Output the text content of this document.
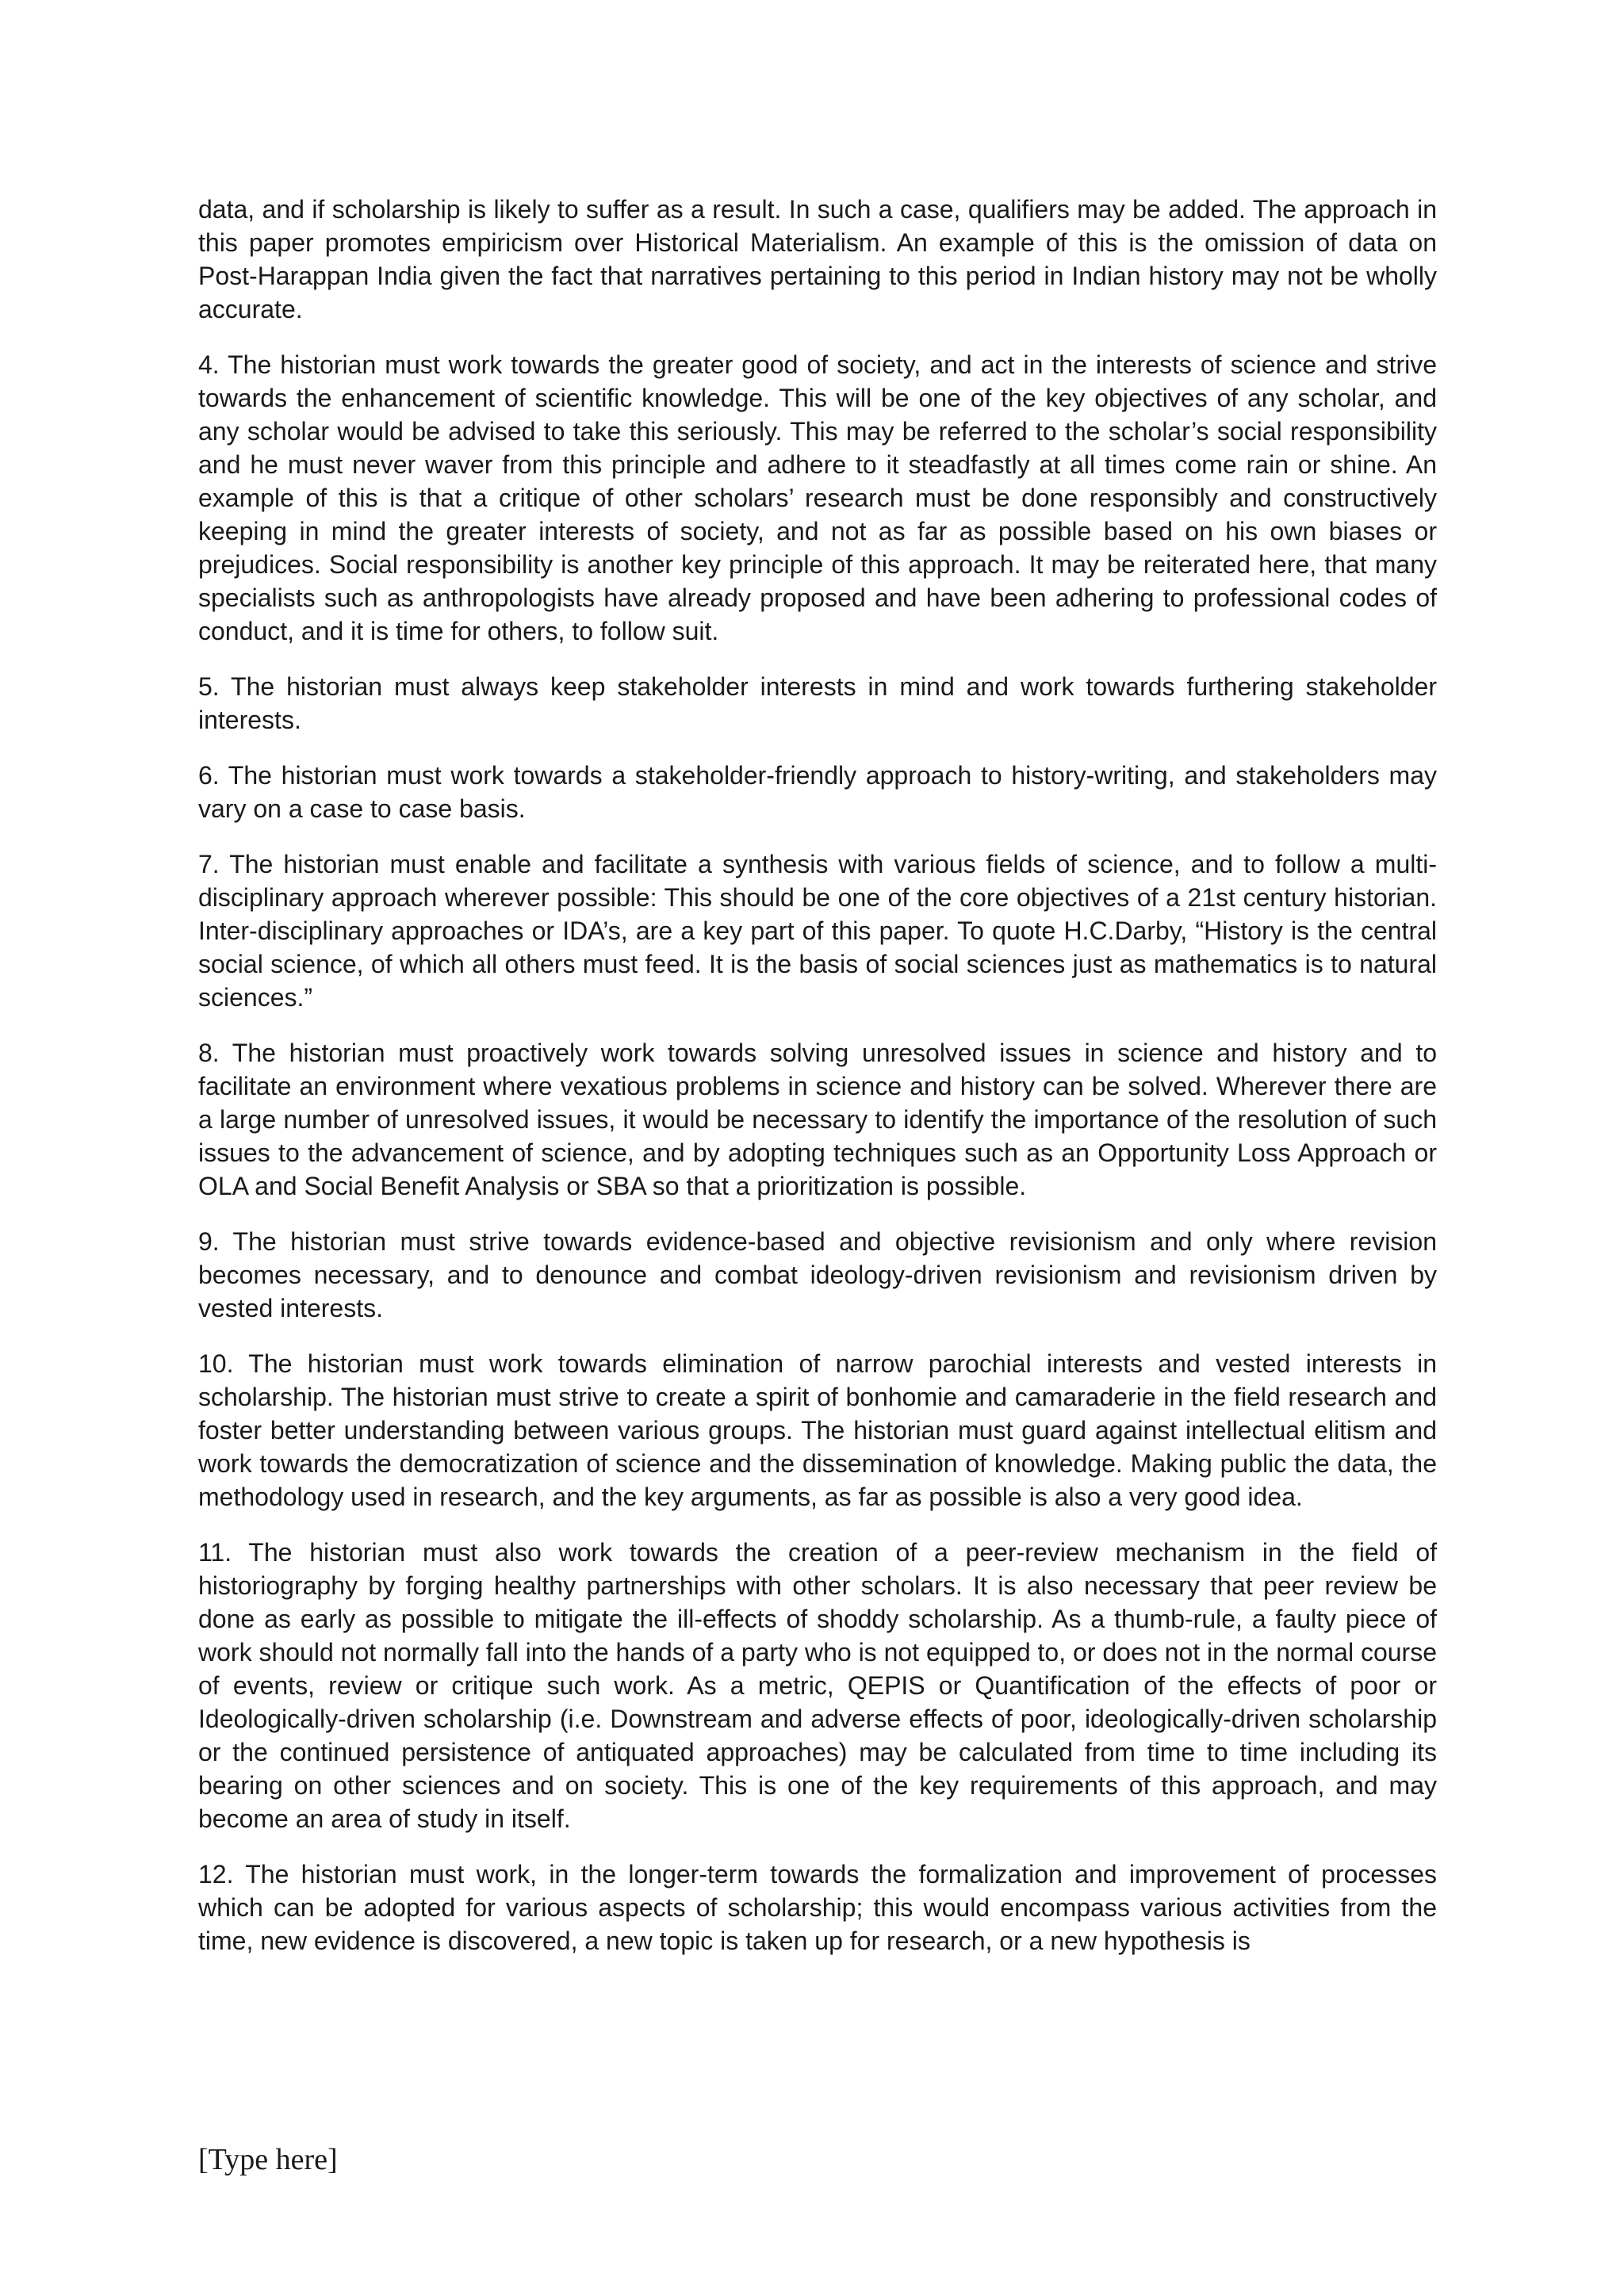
data, and if scholarship is likely to suffer as a result. In such a case, qualifiers may be added. The approach in this paper promotes empiricism over Historical Materialism. An example of this is the omission of data on Post-Harappan India given the fact that narratives pertaining to this period in Indian history may not be wholly accurate.

4. The historian must work towards the greater good of society, and act in the interests of science and strive towards the enhancement of scientific knowledge. This will be one of the key objectives of any scholar, and any scholar would be advised to take this seriously. This may be referred to the scholar’s social responsibility and he must never waver from this principle and adhere to it steadfastly at all times come rain or shine. An example of this is that a critique of other scholars’ research must be done responsibly and constructively keeping in mind the greater interests of society, and not as far as possible based on his own biases or prejudices. Social responsibility is another key principle of this approach. It may be reiterated here, that many specialists such as anthropologists have already proposed and have been adhering to professional codes of conduct, and it is time for others, to follow suit.

5. The historian must always keep stakeholder interests in mind and work towards furthering stakeholder interests.

6. The historian must work towards a stakeholder-friendly approach to history-writing, and stakeholders may vary on a case to case basis.

7. The historian must enable and facilitate a synthesis with various fields of science, and to follow a multi-disciplinary approach wherever possible: This should be one of the core objectives of a 21st century historian. Inter-disciplinary approaches or IDA’s, are a key part of this paper. To quote H.C.Darby, “History is the central social science, of which all others must feed. It is the basis of social sciences just as mathematics is to natural sciences.”

8. The historian must proactively work towards solving unresolved issues in science and history and to facilitate an environment where vexatious problems in science and history can be solved. Wherever there are a large number of unresolved issues, it would be necessary to identify the importance of the resolution of such issues to the advancement of science, and by adopting techniques such as an Opportunity Loss Approach or OLA and Social Benefit Analysis or SBA so that a prioritization is possible.

9. The historian must strive towards evidence-based and objective revisionism and only where revision becomes necessary, and to denounce and combat ideology-driven revisionism and revisionism driven by vested interests.

10. The historian must work towards elimination of narrow parochial interests and vested interests in scholarship. The historian must strive to create a spirit of bonhomie and camaraderie in the field research and foster better understanding between various groups. The historian must guard against intellectual elitism and work towards the democratization of science and the dissemination of knowledge. Making public the data, the methodology used in research, and the key arguments, as far as possible is also a very good idea.

11. The historian must also work towards the creation of a peer-review mechanism in the field of historiography by forging healthy partnerships with other scholars. It is also necessary that peer review be done as early as possible to mitigate the ill-effects of shoddy scholarship. As a thumb-rule, a faulty piece of work should not normally fall into the hands of a party who is not equipped to, or does not in the normal course of events, review or critique such work. As a metric, QEPIS or Quantification of the effects of poor or Ideologically-driven scholarship (i.e. Downstream and adverse effects of poor, ideologically-driven scholarship or the continued persistence of antiquated approaches) may be calculated from time to time including its bearing on other sciences and on society. This is one of the key requirements of this approach, and may become an area of study in itself.

12. The historian must work, in the longer-term towards the formalization and improvement of processes which can be adopted for various aspects of scholarship; this would encompass various activities from the time, new evidence is discovered, a new topic is taken up for research, or a new hypothesis is

[Type here]
